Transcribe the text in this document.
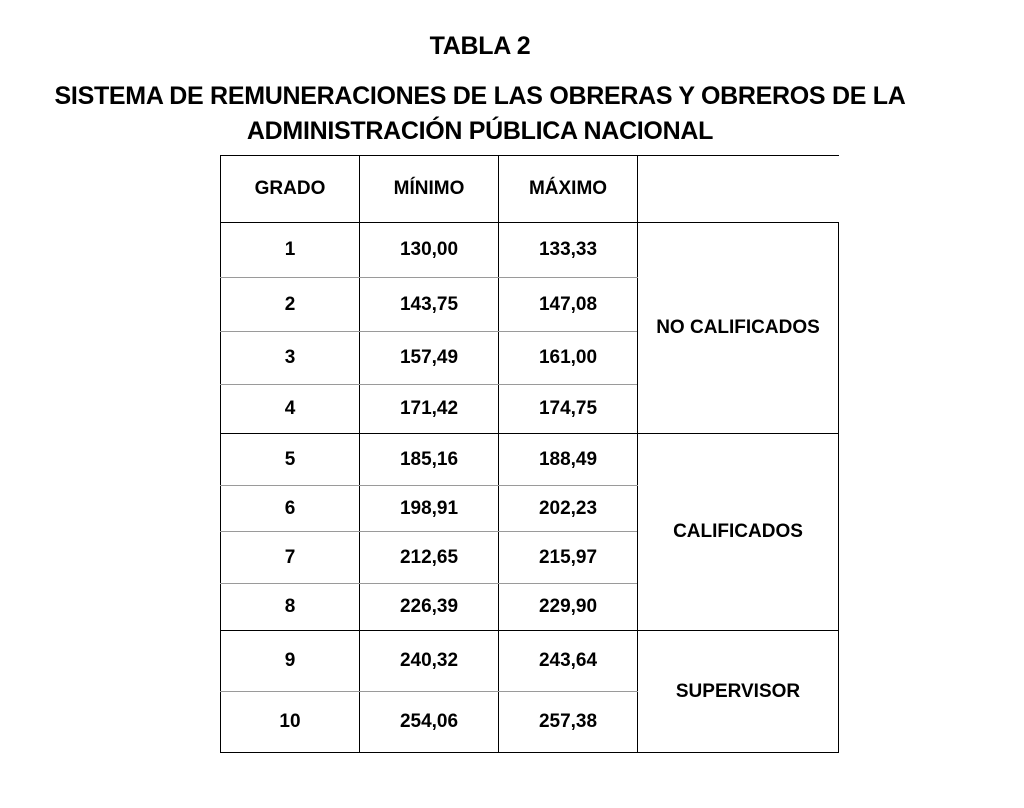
TABLA 2
SISTEMA DE REMUNERACIONES DE LAS OBRERAS Y OBREROS DE LA
ADMINISTRACIÓN PÚBLICA NACIONAL
GRADO	MÍNIMO	MÁXIMO	
1	130,00	133,33	NO CALIFICADOS
2	143,75	147,08	
3	157,49	161,00	
4	171,42	174,75	
5	185,16	188,49	CALIFICADOS
6	198,91	202,23	
7	212,65	215,97	
8	226,39	229,90	
9	240,32	243,64	SUPERVISOR
10	254,06	257,38	
